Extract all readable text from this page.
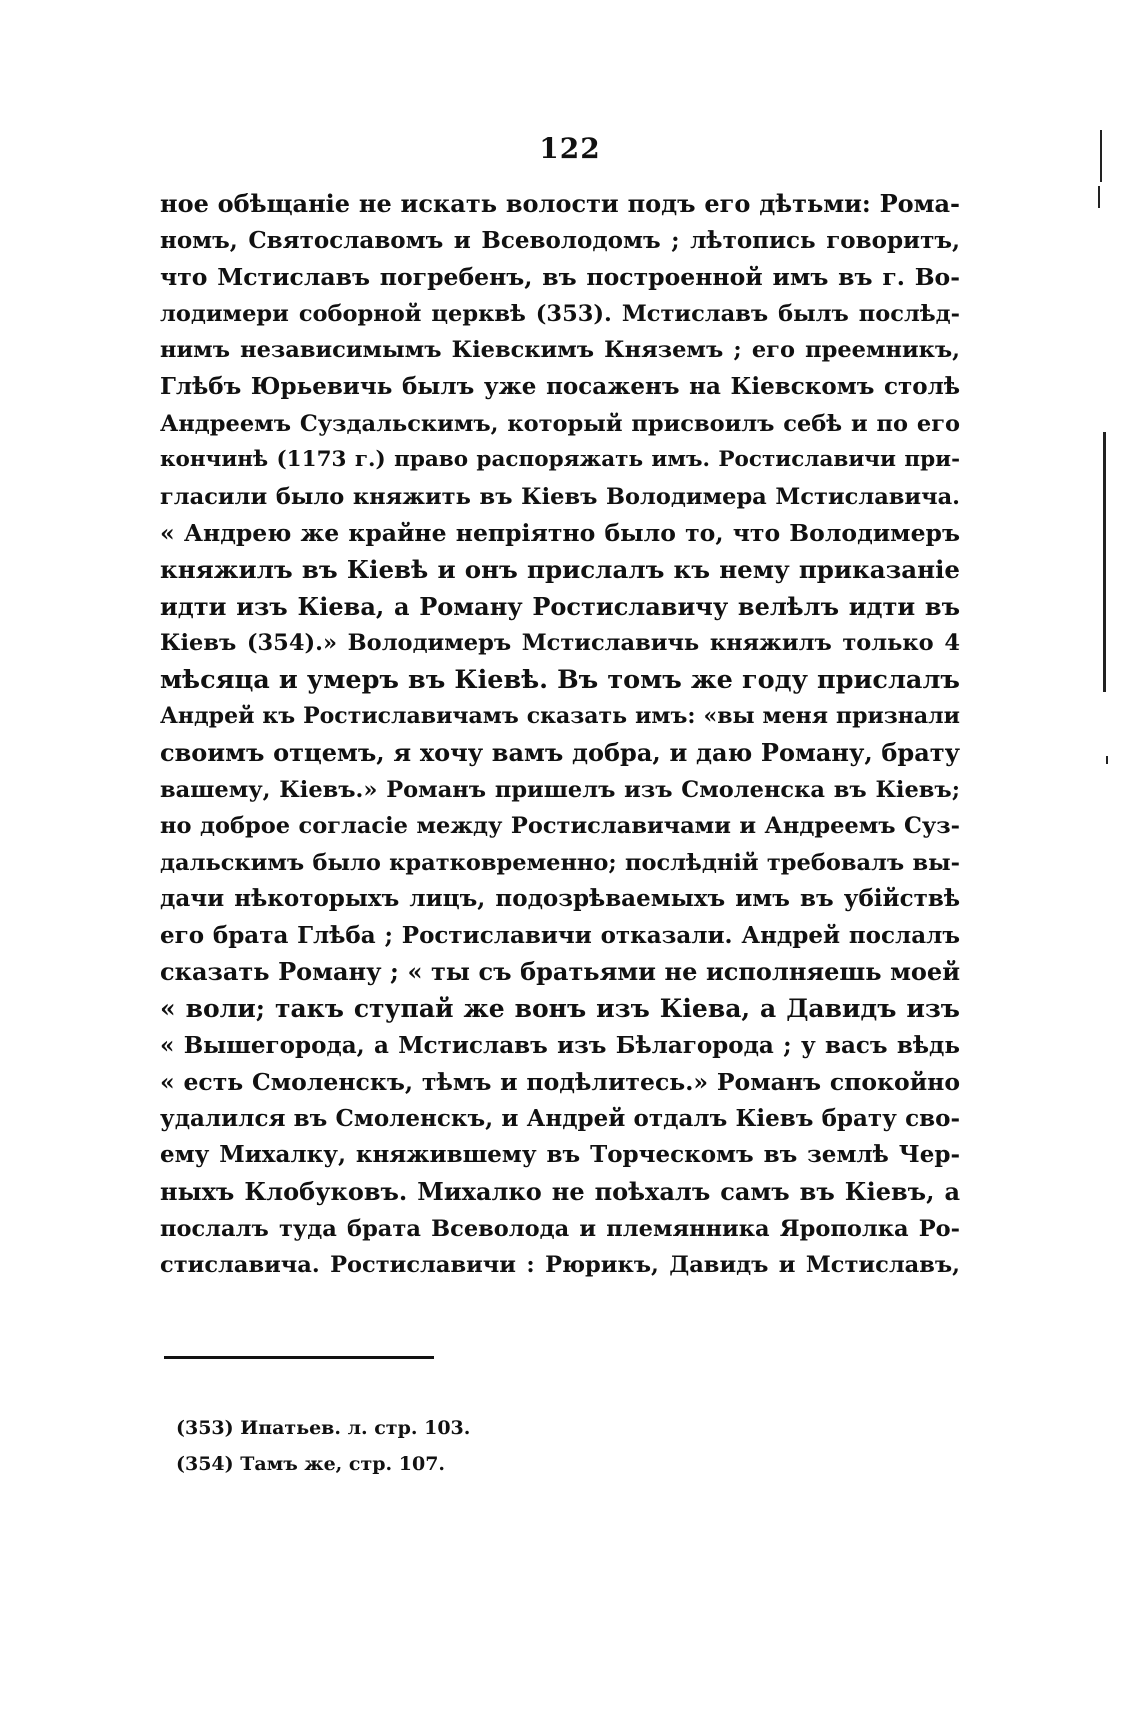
122
ное обѣщаніе не искать волости подъ его дѣтьми: Рома-
номъ, Святославомъ и Всеволодомъ ; лѣтопись говоритъ,
что Мстиславъ погребенъ, въ построенной имъ въ г. Во-
лодимери соборной церквѣ (353). Мстиславъ былъ послѣд-
нимъ независимымъ Кіевскимъ Княземъ ; его преемникъ,
Глѣбъ Юрьевичь былъ уже посаженъ на Кіевскомъ столѣ
Андреемъ Суздальскимъ, который присвоилъ себѣ и по его
кончинѣ (1173 г.) право распоряжать имъ. Ростиславичи при-
гласили было княжить въ Кіевъ Володимера Мстиславича.
« Андрею же крайне непріятно было то, что Володимеръ
княжилъ въ Кіевѣ и онъ прислалъ къ нему приказаніе
идти изъ Кіева, а Роману Ростиславичу велѣлъ идти въ
Кіевъ (354).» Володимеръ Мстиславичь княжилъ только 4
мѣсяца и умеръ въ Кіевѣ. Въ томъ же году прислалъ
Андрей къ Ростиславичамъ сказать имъ: «вы меня признали
своимъ отцемъ, я хочу вамъ добра, и даю Роману, брату
вашему, Кіевъ.» Романъ пришелъ изъ Смоленска въ Кіевъ;
но доброе согласіе между Ростиславичами и Андреемъ Суз-
дальскимъ было кратковременно; послѣдній требовалъ вы-
дачи нѣкоторыхъ лицъ, подозрѣваемыхъ имъ въ убійствѣ
его брата Глѣба ; Ростиславичи отказали. Андрей послалъ
сказать Роману ; « ты съ братьями не исполняешь моей
« воли; такъ ступай же вонъ изъ Кіева, а Давидъ изъ
« Вышегорода, а Мстиславъ изъ Бѣлагорода ; у васъ вѣдь
« есть Смоленскъ, тѣмъ и подѣлитесь.» Романъ спокойно
удалился въ Смоленскъ, и Андрей отдалъ Кіевъ брату сво-
ему Михалку, княжившему въ Торческомъ въ землѣ Чер-
ныхъ Клобуковъ. Михалко не поѣхалъ самъ въ Кіевъ, а
послалъ туда брата Всеволода и племянника Ярополка Ро-
стиславича. Ростиславичи : Рюрикъ, Давидъ и Мстиславъ,
(353) Ипатьев. л. стр. 103.
(354) Тамъ же, стр. 107.
